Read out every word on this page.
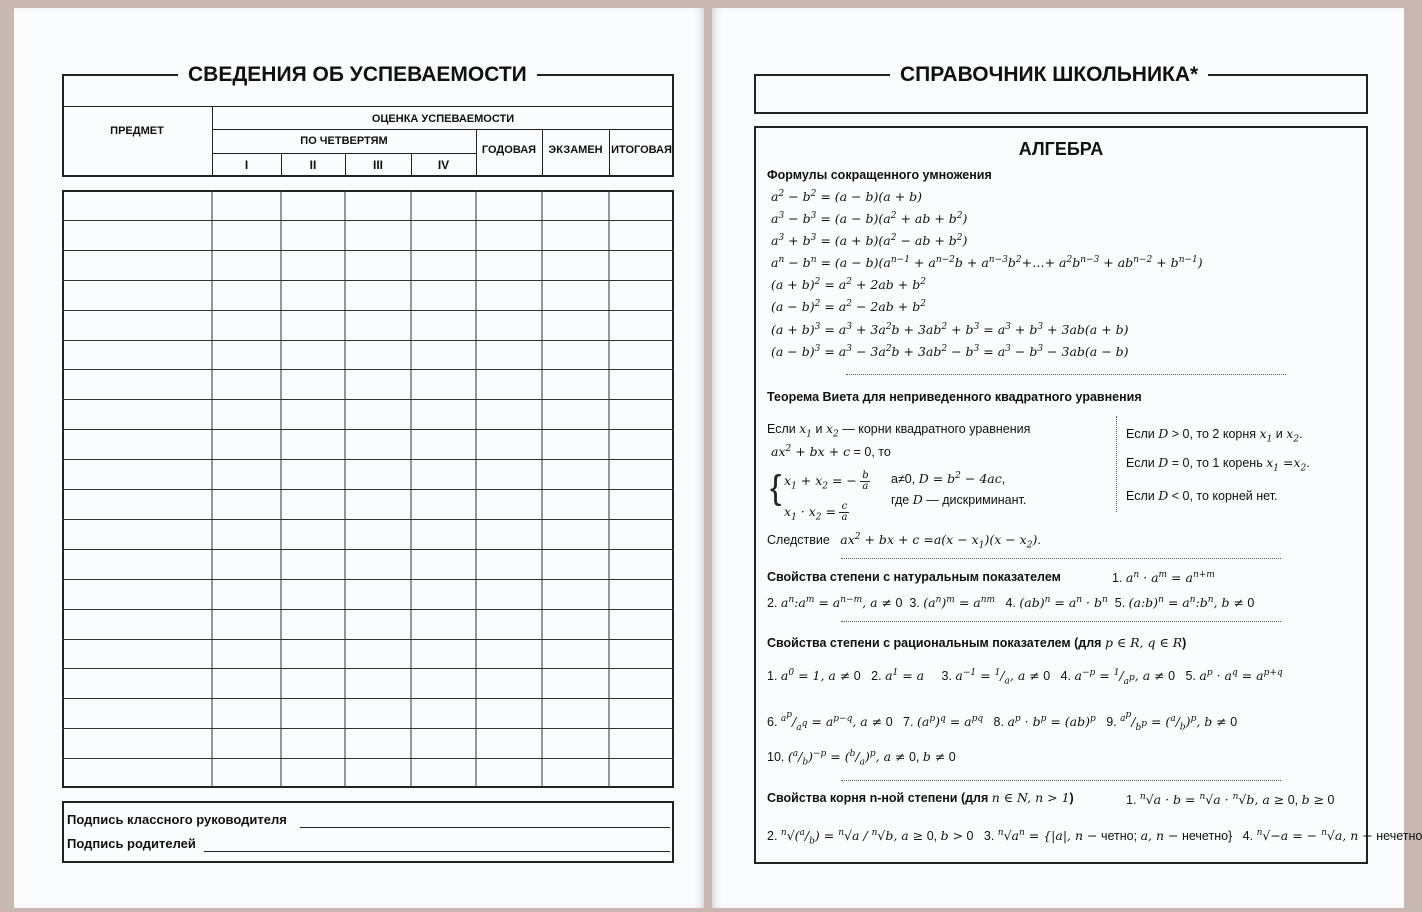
СВЕДЕНИЯ ОБ УСПЕВАЕМОСТИ
ПРЕДМЕТ
ОЦЕНКА УСПЕВАЕМОСТИ
ПО ЧЕТВЕРТЯМ
I	II	III	IV
ГОДОВАЯ	ЭКЗАМЕН ИТОГОВАЯ
Подпись классного руководителя
Подпись родителей
СПРАВОЧНИК ШКОЛЬНИКА*
АЛГЕБРА
Формулы сокращенного умножения
$a^2 - b^2 = (a - b)(a + b)$
$a^3 - b^3 = (a - b)(a^2$ + ab + $b^2$)
$a^3 + b^3 = (a + b)(a^2$ − ab + $b^2$)
$a^n - b^n = (a - b)(a^{n-1} + a^{n-2}b$ + $a^{n-3}b^2+\dots+ a^2b^{n-3} + ab^{n-2} + b^{n-1}$)
$(a + b)^2 = a^2 + 2ab + b^2$
$(a - b)^2 = a^2 - 2ab + b^2$
$(a + b)^3 = a^3 + 3a^2b + 3ab^2 + b^3 = a^3 + b^3 + 3ab(a + b)$
$(a - b)^3 = a^3 - 3a^2b + 3ab^2 - b^3 = a^3 - b^3 - 3ab(a - b)$
Теорема Виета для неприведенного квадратного уравнения
Если $x_1$ и $x_2$ — корни квадратного уравнения
$ax^2$ + bx + c = 0, то
{ $x_1 + x_2$ = − b
a
$x_1 \cdot x_2 = c$
a
a≠0, $D = b^2 - 4ac$,
где D — дискриминант.
Если D > 0, то 2 корня $x_1$ и $x_2$.
Если D = 0, то 1 корень $x_1 =x_2$.
Если D < 0, то корней нет.
Следствие $ax^2$ + bx + $c =a(x - x_1)(x - x_2)$.
Свойства степени с натуральным показателем	1. $a^n \cdot a^m = a^{n+m}$
2. $a^n:a^m = a^{n-m}$, a ≠ 0  3. $(a^n)^m = a^{nm}$   4. $(ab)^n = a^n \cdot b^n$  5. (a:b)$^n$ = $a^n:b^n$, b ≠ 0
Свойства степени с рациональным показателем (для p ∈ R, q ∈ R)
1. $a^0 = 1$, a ≠ 0   2. $a^1 = a$     3. $a^{-1} = ^1/_a$, a ≠ 0   4. $a^{-p} = ^1/_{a^p}$, a ≠ 0   5. $a^p \cdot a^q = a^{p+q}$
6. $^{a^p}/_{a^q} = a^{p-q}$, a ≠ 0   7. $(a^p)^q = a^{pq}$   8. $a^p \cdot b^p = (ab)^p$   9. $^{a^p}/_{b^p} = (^a/_b)^p$, b ≠ 0
10. $(^a/_b)^{-p} = (^b/_a)^p$, a ≠ 0, b ≠ 0
Свойства корня n-ной степени (для n ∈ N, n > 1)	1. $^n$√a · b = $^n$√a · $^n$√b, a ≥ 0, b ≥ 0
2. $^n√(^a/_b) = ^n√a / ^n√b$, a ≥ 0, b > 0   3. $^n√a^n = \{|a|$, n − четно; a, n − нечетно}   4. $^n$√−a = − $^n$√a, n − нечетно
